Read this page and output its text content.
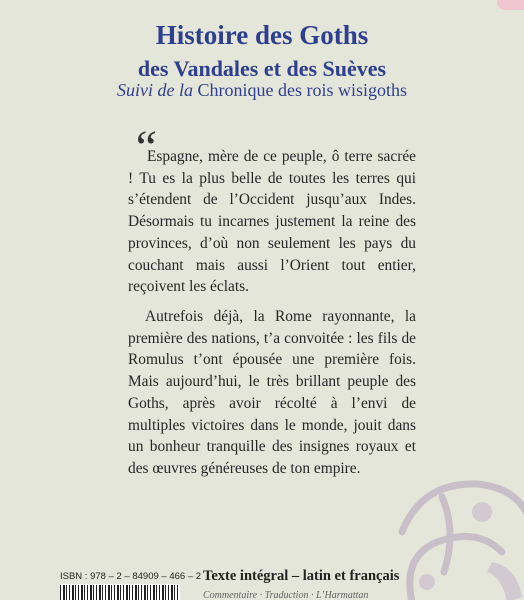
Histoire des Goths
des Vandales et des Suèves
Suivi de la Chronique des rois wisigoths
“

Espagne, mère de ce peuple, ô terre sacrée ! Tu es la plus belle de toutes les terres qui s’étendent de l’Occident jusqu’aux Indes. Désormais tu incarnes justement la reine des provinces, d’où non seulement les pays du couchant mais aussi l’Orient tout entier, reçoivent les éclats.

Autrefois déjà, la Rome rayonnante, la première des nations, t’a convoitée : les fils de Romulus t’ont épousée une première fois. Mais aujourd’hui, le très brillant peuple des Goths, après avoir récolté à l’envi de multiples victoires dans le monde, jouit dans un bonheur tranquille des insignes royaux et des œuvres généreuses de ton empire.

ISBN : 978 – 2 – 84909 – 466 – 2 Texte intégral – latin et français
Commentaire · Traduction · L’Harmattan
